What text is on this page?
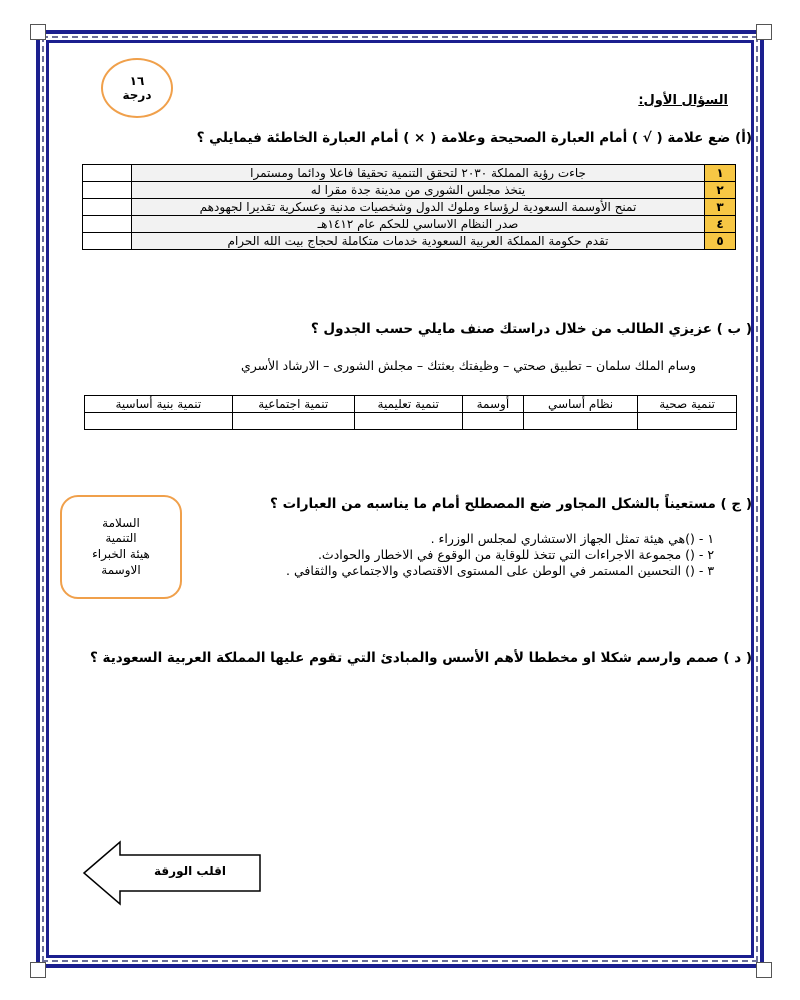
١٦
درجة	السؤال الأول:
(أ) ضع علامة ( √ ) أمام العبارة الصحيحة وعلامة ( × ) أمام العبارة الخاطئة فيمايلي ؟
١	جاءت رؤية المملكة ٢٠٣٠ لتحقق التنمية تحقيقا فاعلا ودائما ومستمرا	
٢	يتخذ مجلس الشورى من مدينة جدة مقرا له	
٣	تمنح الأوسمة السعودية لرؤساء وملوك الدول وشخصيات مدنية وعسكرية تقديرا لجهودهم	
٤	صدر النظام الاساسي للحكم عام ١٤١٢هـ	
٥	تقدم حكومة المملكة العربية السعودية خدمات متكاملة لحجاج بيت الله الحرام	
( ب ) عزيزي الطالب من خلال دراستك صنف مايلي حسب الجدول ؟
وسام الملك سلمان – تطبيق صحتي – وظيفتك بعثتك – مجلش الشورى – الارشاد الأسري
تنمية صحية	نظام أساسي	أوسمة	تنمية تعليمية	تنمية اجتماعية	تنمية بنية أساسية

( ج ) مستعيناً بالشكل المجاور ضع المصطلح أمام ما يناسبه من العبارات ؟
السلامة
التنمية
هيئة الخبراء
الاوسمة
١ - (
)هي هيئة تمثل الجهاز الاستشاري لمجلس الوزراء .
٢ - (
) مجموعة الاجراءات التي تتخذ للوقاية من الوقوع في الاخطار والحوادث.
٣ - (
) التحسين المستمر في الوطن على المستوى الاقتصادي والاجتماعي والثقافي .
( د ) صمم وارسم شكلا او مخططا لأهم الأسس والمبادئ التي تقوم عليها المملكة العربية السعودية ؟
اقلب الورقة
